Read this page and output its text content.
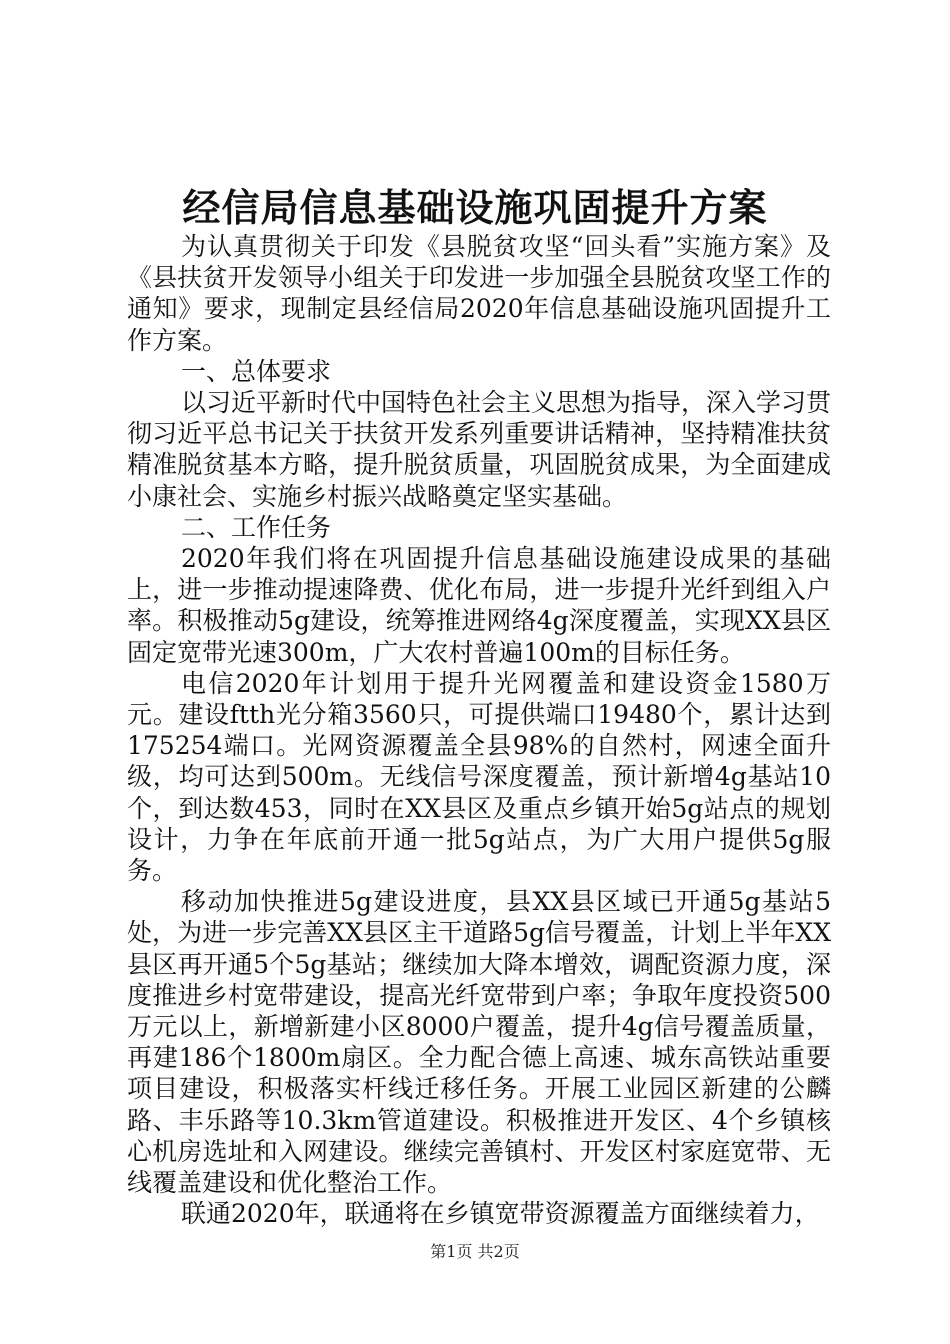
经信局信息基础设施巩固提升方案

为认真贯彻关于印发《县脱贫攻坚“回头看”实施方案》及《县扶贫开发领导小组关于印发进一步加强全县脱贫攻坚工作的通知》要求，现制定县经信局2020年信息基础设施巩固提升工作方案。

一、总体要求

以习近平新时代中国特色社会主义思想为指导，深入学习贯彻习近平总书记关于扶贫开发系列重要讲话精神，坚持精准扶贫精准脱贫基本方略，提升脱贫质量，巩固脱贫成果，为全面建成小康社会、实施乡村振兴战略奠定坚实基础。

二、工作任务

2020年我们将在巩固提升信息基础设施建设成果的基础上，进一步推动提速降费、优化布局，进一步提升光纤到组入户率。积极推动5g建设，统筹推进网络4g深度覆盖，实现XX县区固定宽带光速300m，广大农村普遍100m的目标任务。

电信2020年计划用于提升光网覆盖和建设资金1580万元。建设ftth光分箱3560只，可提供端口19480个，累计达到175254端口。光网资源覆盖全县98%的自然村，网速全面升级，均可达到500m。无线信号深度覆盖，预计新增4g基站10个，到达数453，同时在XX县区及重点乡镇开始5g站点的规划设计，力争在年底前开通一批5g站点，为广大用户提供5g服务。

移动加快推进5g建设进度，县XX县区域已开通5g基站5处，为进一步完善XX县区主干道路5g信号覆盖，计划上半年XX县区再开通5个5g基站；继续加大降本增效，调配资源力度，深度推进乡村宽带建设，提高光纤宽带到户率；争取年度投资500万元以上，新增新建小区8000户覆盖，提升4g信号覆盖质量，再建186个1800m扇区。全力配合德上高速、城东高铁站重要项目建设，积极落实杆线迁移任务。开展工业园区新建的公麟路、丰乐路等10.3km管道建设。积极推进开发区、4个乡镇核心机房选址和入网建设。继续完善镇村、开发区村家庭宽带、无线覆盖建设和优化整治工作。

联通2020年，联通将在乡镇宽带资源覆盖方面继续着力，

第1页 共2页
